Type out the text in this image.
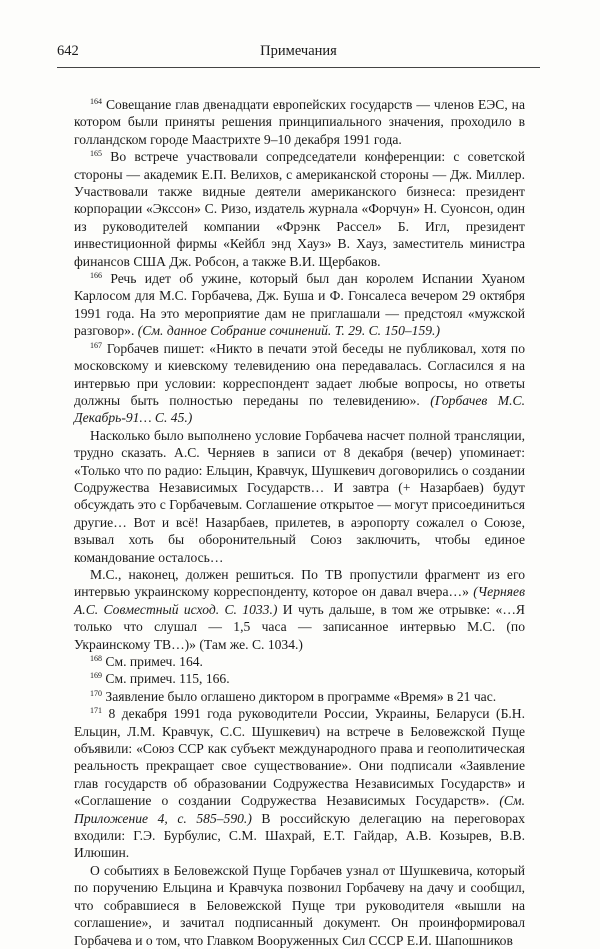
642	Примечания

$^{164}$ Совещание глав двенадцати европейских государств — членов ЕЭС, на котором были приняты решения принципиального значения, проходило в голландском городе Маастрихте 9–10 декабря 1991 года.

$^{165}$ Во встрече участвовали сопредседатели конференции: с советской стороны — академик Е.П. Велихов, с американской стороны — Дж. Миллер. Участвовали также видные деятели американского бизнеса: президент корпорации «Экссон» С. Ризо, издатель журнала «Форчун» Н. Суонсон, один из руководителей компании «Фрэнк Рассел» Б. Игл, президент инвестиционной фирмы «Кейбл энд Хауз» В. Хауз, заместитель министра финансов США Дж. Робсон, а также В.И. Щербаков.

$^{166}$ Речь идет об ужине, который был дан королем Испании Хуаном Карлосом для М.С. Горбачева, Дж. Буша и Ф. Гонсалеса вечером 29 октября 1991 года. На это мероприятие дам не приглашали — предстоял «мужской разговор». (См. данное Собрание сочинений. Т. 29. С. 150–159.)

$^{167}$ Горбачев пишет: «Никто в печати этой беседы не публиковал, хотя по московскому и киевскому телевидению она передавалась. Согласился я на интервью при условии: корреспондент задает любые вопросы, но ответы должны быть полностью переданы по телевидению». (Горбачев М.С. Декабрь-91… С. 45.)

Насколько было выполнено условие Горбачева насчет полной трансляции, трудно сказать. А.С. Черняев в записи от 8 декабря (вечер) упоминает: «Только что по радио: Ельцин, Кравчук, Шушкевич договорились о создании Содружества Независимых Государств… И завтра (+ Назарбаев) будут обсуждать это с Горбачевым. Соглашение открытое — могут присоединиться другие… Вот и всё! Назарбаев, прилетев, в аэропорту сожалел о Союзе, взывал хоть бы оборонительный Союз заключить, чтобы единое командование осталось…

М.С., наконец, должен решиться. По ТВ пропустили фрагмент из его интервью украинскому корреспонденту, которое он давал вчера…» (Черняев А.С. Совместный исход. С. 1033.) И чуть дальше, в том же отрывке: «…Я только что слушал — 1,5 часа — записанное интервью М.С. (по Украинскому ТВ…)» (Там же. С. 1034.)

$^{168}$ См. примеч. 164.

$^{169}$ См. примеч. 115, 166.

$^{170}$ Заявление было оглашено диктором в программе «Время» в 21 час.

$^{171}$ 8 декабря 1991 года руководители России, Украины, Беларуси (Б.Н. Ельцин, Л.М. Кравчук, С.С. Шушкевич) на встрече в Беловежской Пуще объявили: «Союз ССР как субъект международного права и геополитическая реальность прекращает свое существование». Они подписали «Заявление глав государств об образовании Содружества Независимых Государств» и «Соглашение о создании Содружества Независимых Государств». (См. Приложение 4, с. 585–590.) В российскую делегацию на переговорах входили: Г.Э. Бурбулис, С.М. Шахрай, Е.Т. Гайдар, А.В. Козырев, В.В. Илюшин.

О событиях в Беловежской Пуще Горбачев узнал от Шушкевича, который по поручению Ельцина и Кравчука позвонил Горбачеву на дачу и сообщил, что собравшиеся в Беловежской Пуще три руководителя «вышли на соглашение», и зачитал подписанный документ. Он проинформировал Горбачева и о том, что Главком Вооруженных Сил СССР Е.И. Шапошников
